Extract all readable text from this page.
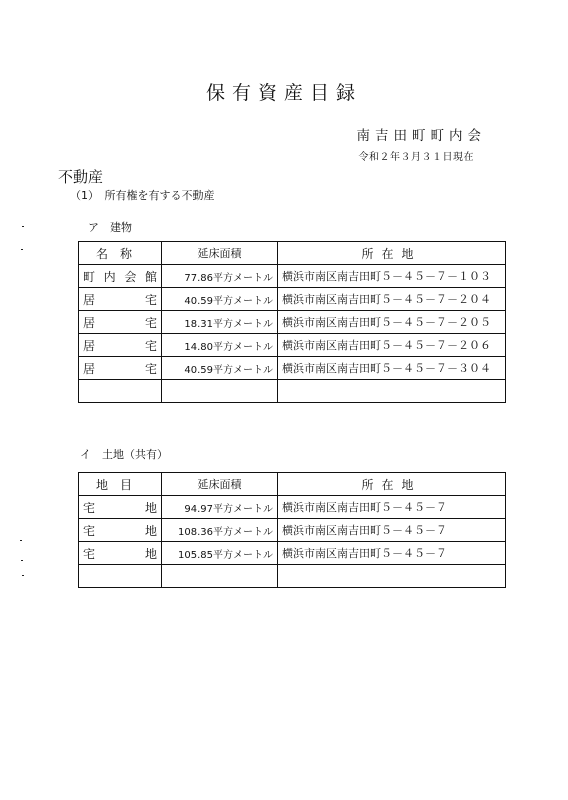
保有資産目録
南吉田町町内会
令和２年３月３１日現在
不動産
（1）　所有権を有する不動産
ア　建物
名称	延床面積	所在地
町内会館	77.86平方メートル	横浜市南区南吉田町５－４５－７－１０３
居宅	40.59平方メートル	横浜市南区南吉田町５－４５－７－２０４
居宅	18.31平方メートル	横浜市南区南吉田町５－４５－７－２０５
居宅	14.80平方メートル	横浜市南区南吉田町５－４５－７－２０６
居宅	40.59平方メートル	横浜市南区南吉田町５－４５－７－３０４

イ　土地（共有）
地目	延床面積	所在地
宅地	94.97平方メートル	横浜市南区南吉田町５－４５－７
宅地	108.36平方メートル	横浜市南区南吉田町５－４５－７
宅地	105.85平方メートル	横浜市南区南吉田町５－４５－７
